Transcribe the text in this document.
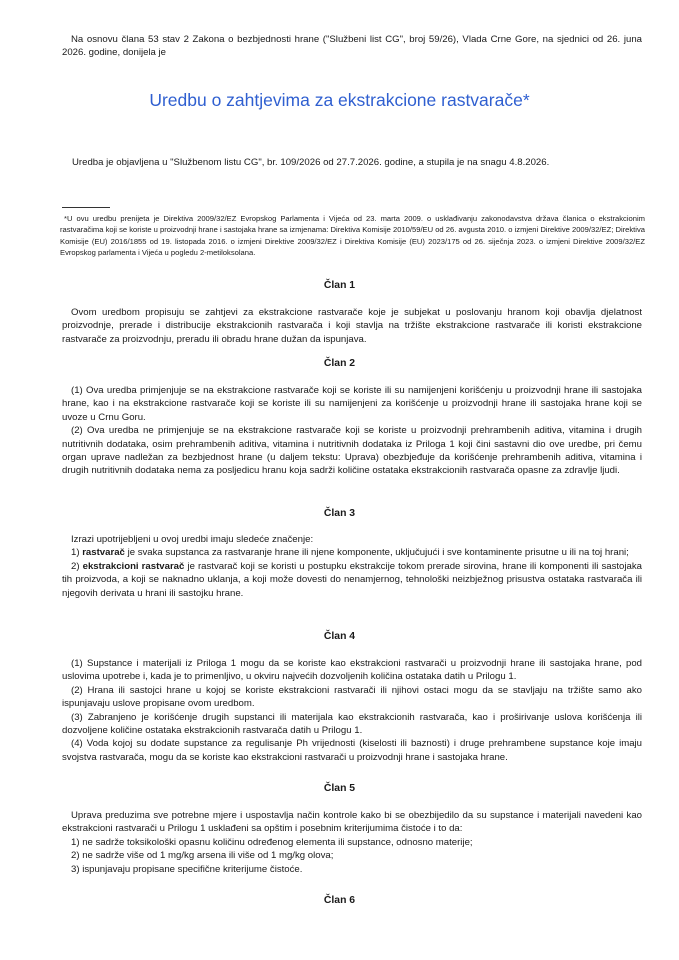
Na osnovu člana 53 stav 2 Zakona o bezbjednosti hrane ("Službeni list CG", broj 59/26), Vlada Crne Gore, na sjednici od 26. juna 2026. godine, donijela je

Uredbu o zahtjevima za ekstrakcione rastvarače*

Uredba je objavljena u "Službenom listu CG", br. 109/2026 od 27.7.2026. godine, a stupila je na snagu 4.8.2026.

*U ovu uredbu prenijeta je Direktiva 2009/32/EZ Evropskog Parlamenta i Vijeća od 23. marta 2009. o usklađivanju zakonodavstva država članica o ekstrakcionim rastvaračima koji se koriste u proizvodnji hrane i sastojaka hrane sa izmjenama: Direktiva Komisije 2010/59/EU od 26. avgusta 2010. o izmjeni Direktive 2009/32/EZ; Direktiva Komisije (EU) 2016/1855 od 19. listopada 2016. o izmjeni Direktive 2009/32/EZ i Direktiva Komisije (EU) 2023/175 od 26. siječnja 2023. o izmjeni Direktive 2009/32/EZ Evropskog parlamenta i Vijeća u pogledu 2-metiloksolana.

Član 1

Ovom uredbom propisuju se zahtjevi za ekstrakcione rastvarače koje je subjekat u poslovanju hranom koji obavlja djelatnost proizvodnje, prerade i distribucije ekstrakcionih rastvarača i koji stavlja na tržište ekstrakcione rastvarače ili koristi ekstrakcione rastvarače za proizvodnju, preradu ili obradu hrane dužan da ispunjava.

Član 2

(1) Ova uredba primjenjuje se na ekstrakcione rastvarače koji se koriste ili su namijenjeni korišćenju u proizvodnji hrane ili sastojaka hrane, kao i na ekstrakcione rastvarače koji se koriste ili su namijenjeni za korišćenje u proizvodnji hrane ili sastojaka hrane koji se uvoze u Crnu Goru.

(2) Ova uredba ne primjenjuje se na ekstrakcione rastvarače koji se koriste u proizvodnji prehrambenih aditiva, vitamina i drugih nutritivnih dodataka, osim prehrambenih aditiva, vitamina i nutritivnih dodataka iz Priloga 1 koji čini sastavni dio ove uredbe, pri čemu organ uprave nadležan za bezbjednost hrane (u daljem tekstu: Uprava) obezbjeđuje da korišćenje prehrambenih aditiva, vitamina i drugih nutritivnih dodataka nema za posljedicu hranu koja sadrži količine ostataka ekstrakcionih rastvarača opasne za zdravlje ljudi.

Član 3

Izrazi upotrijebljeni u ovoj uredbi imaju sledeće značenje:

1) rastvarač je svaka supstanca za rastvaranje hrane ili njene komponente, uključujući i sve kontaminente prisutne u ili na toj hrani;

2) ekstrakcioni rastvarač je rastvarač koji se koristi u postupku ekstrakcije tokom prerade sirovina, hrane ili komponenti ili sastojaka tih proizvoda, a koji se naknadno uklanja, a koji može dovesti do nenamjernog, tehnološki neizbježnog prisustva ostataka rastvarača ili njegovih derivata u hrani ili sastojku hrane.

Član 4

(1) Supstance i materijali iz Priloga 1 mogu da se koriste kao ekstrakcioni rastvarači u proizvodnji hrane ili sastojaka hrane, pod uslovima upotrebe i, kada je to primenljivo, u okviru najvećih dozvoljenih količina ostataka datih u Prilogu 1.

(2) Hrana ili sastojci hrane u kojoj se koriste ekstrakcioni rastvarači ili njihovi ostaci mogu da se stavljaju na tržište samo ako ispunjavaju uslove propisane ovom uredbom.

(3) Zabranjeno je korišćenje drugih supstanci ili materijala kao ekstrakcionih rastvarača, kao i proširivanje uslova korišćenja ili dozvoljene količine ostataka ekstrakcionih rastvarača datih u Prilogu 1.

(4) Voda kojoj su dodate supstance za regulisanje Ph vrijednosti (kiselosti ili baznosti) i druge prehrambene supstance koje imaju svojstva rastvarača, mogu da se koriste kao ekstrakcioni rastvarači u proizvodnji hrane i sastojaka hrane.

Član 5

Uprava preduzima sve potrebne mjere i uspostavlja način kontrole kako bi se obezbijedilo da su supstance i materijali navedeni kao ekstrakcioni rastvarači u Prilogu 1 usklađeni sa opštim i posebnim kriterijumima čistoće i to da:

1) ne sadrže toksikološki opasnu količinu određenog elementa ili supstance, odnosno materije;

2) ne sadrže više od 1 mg/kg arsena ili više od 1 mg/kg olova;

3) ispunjavaju propisane specifične kriterijume čistoće.

Član 6
